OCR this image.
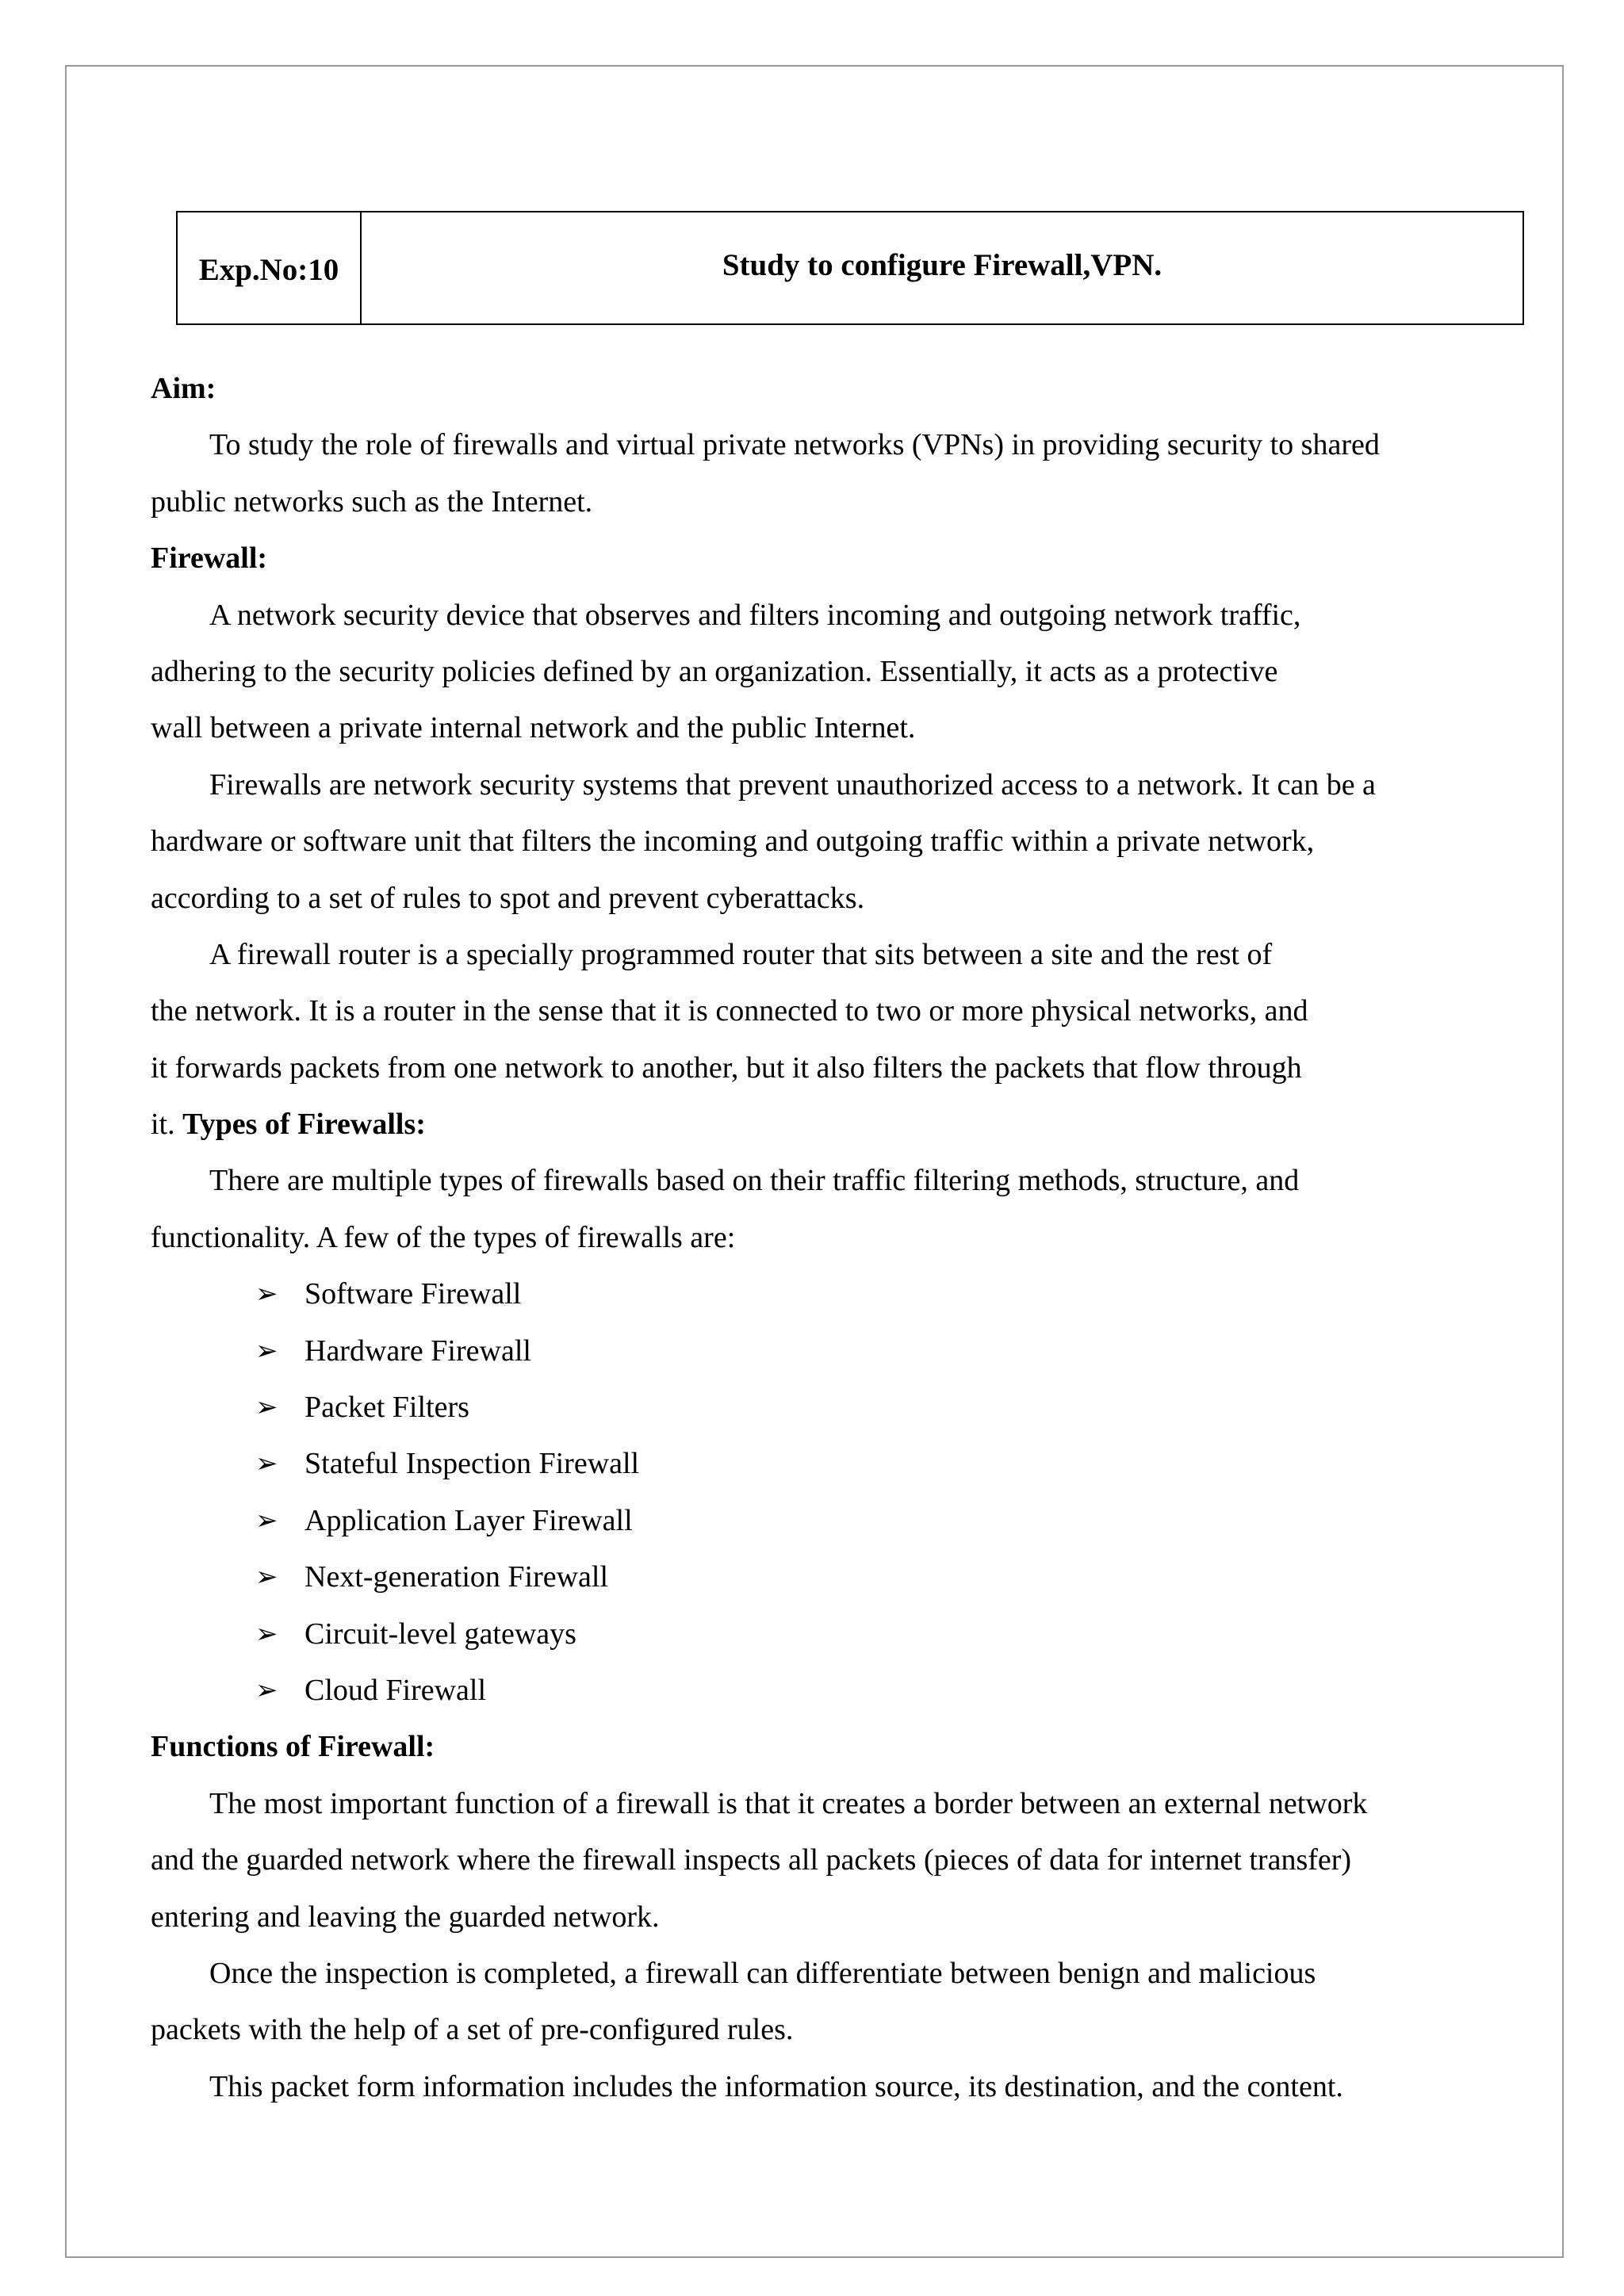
Exp.No:10	Study to configure Firewall,VPN.
Aim:
To study the role of firewalls and virtual private networks (VPNs) in providing security to shared
public networks such as the Internet.
Firewall:
A network security device that observes and filters incoming and outgoing network traffic,
adhering to the security policies defined by an organization. Essentially, it acts as a protective
wall between a private internal network and the public Internet.
Firewalls are network security systems that prevent unauthorized access to a network. It can be a
hardware or software unit that filters the incoming and outgoing traffic within a private network,
according to a set of rules to spot and prevent cyberattacks.
A firewall router is a specially programmed router that sits between a site and the rest of
the network. It is a router in the sense that it is connected to two or more physical networks, and
it forwards packets from one network to another, but it also filters the packets that flow through
it. Types of Firewalls:
There are multiple types of firewalls based on their traffic filtering methods, structure, and
functionality. A few of the types of firewalls are:
➢ Software Firewall
➢ Hardware Firewall
➢ Packet Filters
➢ Stateful Inspection Firewall
➢ Application Layer Firewall
➢ Next-generation Firewall
➢ Circuit-level gateways
➢ Cloud Firewall
Functions of Firewall:
The most important function of a firewall is that it creates a border between an external network
and the guarded network where the firewall inspects all packets (pieces of data for internet transfer)
entering and leaving the guarded network.
Once the inspection is completed, a firewall can differentiate between benign and malicious
packets with the help of a set of pre-configured rules.
This packet form information includes the information source, its destination, and the content.
